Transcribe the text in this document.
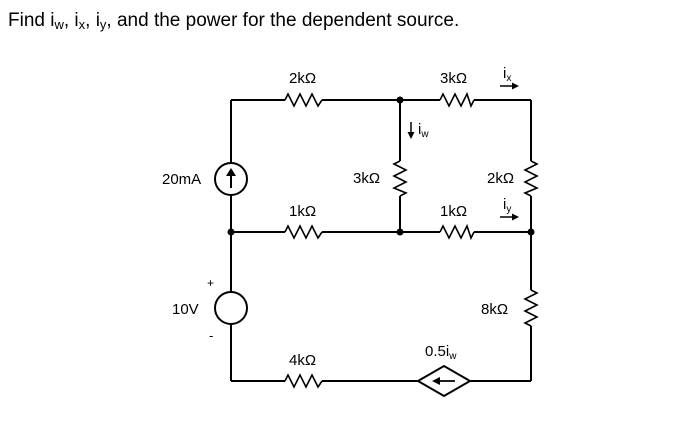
Find $i_w$, $i_x$, $i_y$, and the power for the dependent source.
2kΩ	3kΩ
3kΩ	2kΩ
1kΩ	1kΩ
8kΩ
4kΩ
20mA
10V
+
-
$0.5i_w$
$i_x$
$i_y$
$i_w$
